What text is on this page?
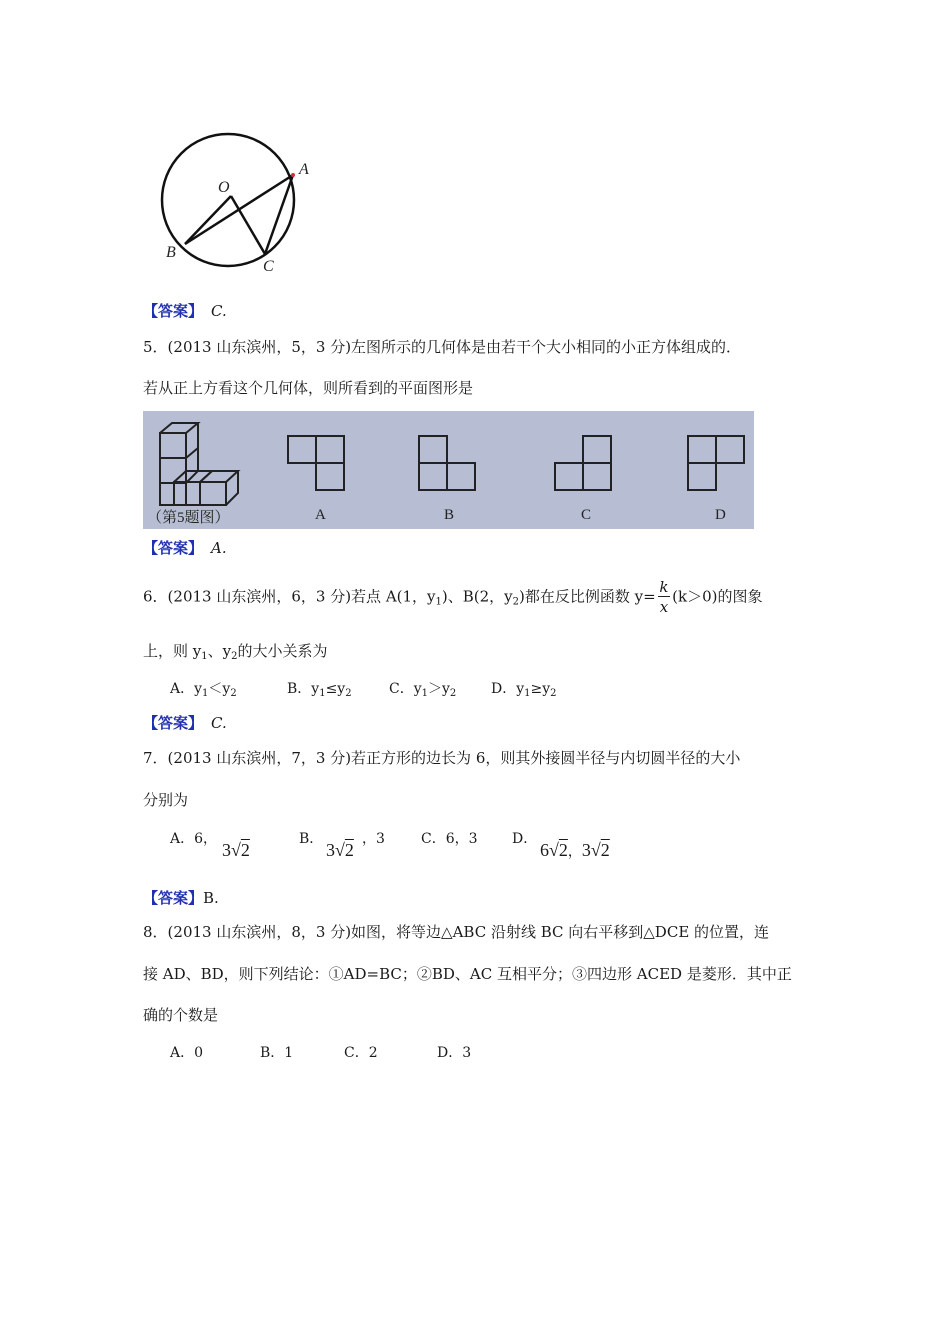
O
A
B
C
【答案】 C.
5．(2013 山东滨州，5，3 分)左图所示的几何体是由若干个大小相同的小正方体组成的．
若从正上方看这个几何体，则所看到的平面图形是
（第5题图）	A	B	C	D
【答案】 A.
6．(2013 山东滨州，6，3 分)若点 A(1，$y_1$)、B(2，$y_2$)都在反比例函数 $y= \frac{k}{x} (k>0)$的图象
上，则 $y_1$、$y_2$的大小关系为
A．$y_1<y_2$	B．$y_1\le y_2$	C．$y_1>y_2$ D．$y_1\ge y_2$
【答案】 C.
7．(2013 山东滨州，7，3 分)若正方形的边长为 6，则其外接圆半径与内切圆半径的大小
分别为
A．6，
3√2
B．
3√2
，3	C．6，3 D．
6√2，3√2
【答案】B.
8．(2013 山东滨州，8，3 分)如图，将等边△ABC 沿射线 BC 向右平移到△DCE 的位置，连
接 AD、BD，则下列结论：①AD=BC；②BD、AC 互相平分；③四边形 ACED 是菱形．其中正
确的个数是
A．0	B．1	C．2	D．3
